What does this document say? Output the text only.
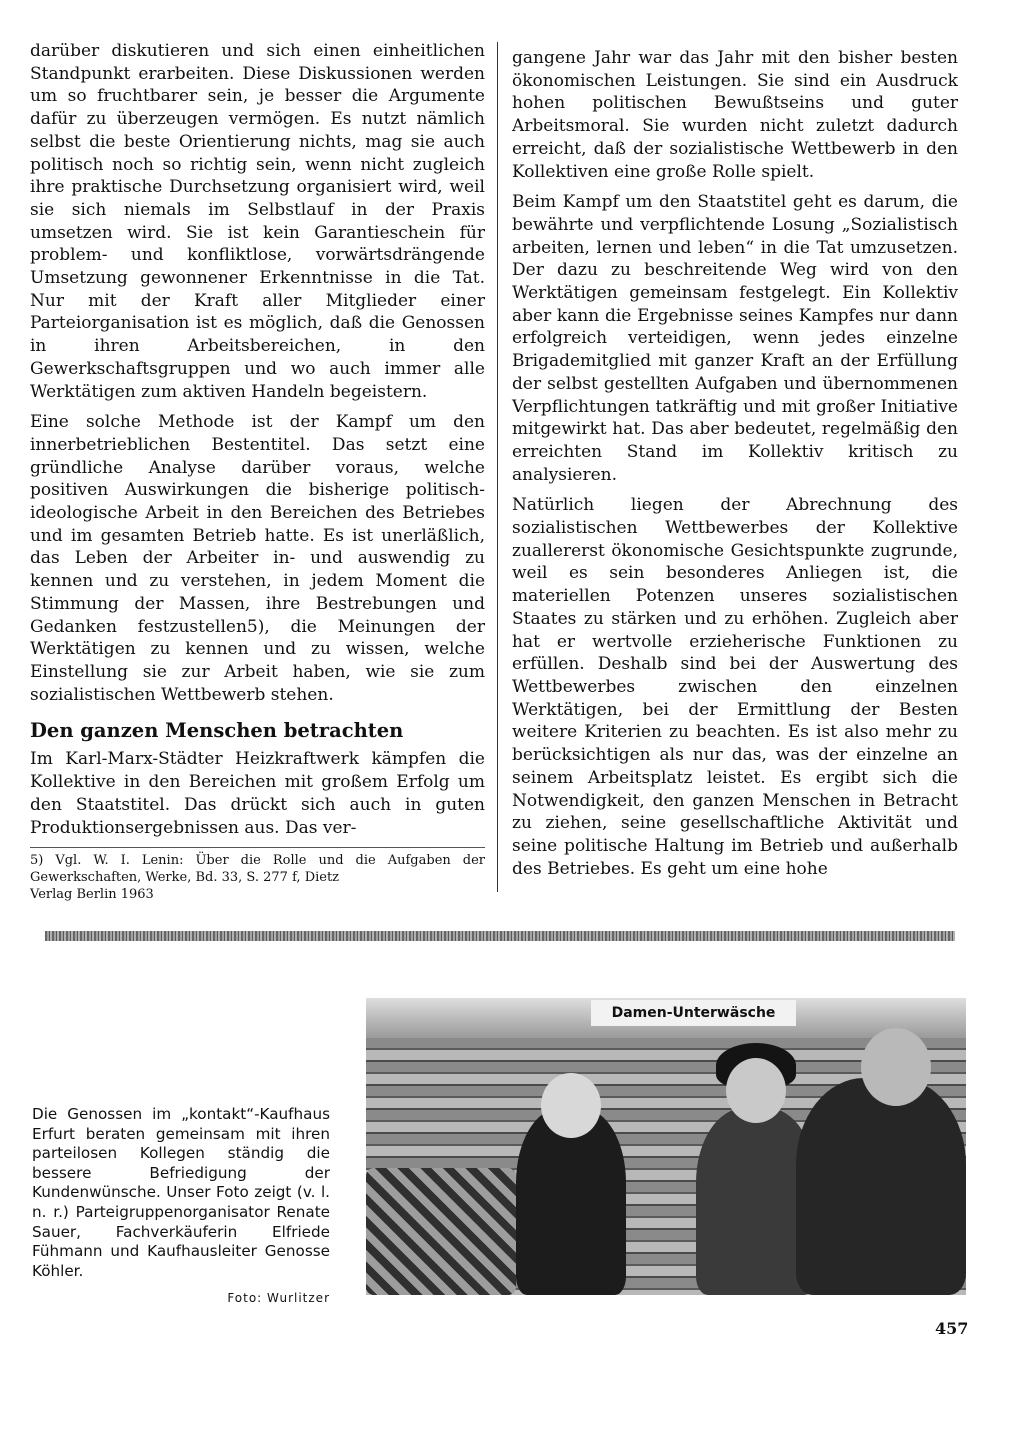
darüber diskutieren und sich einen einheitlichen Standpunkt erarbeiten. Diese Diskussionen werden um so fruchtbarer sein, je besser die Argumente dafür zu überzeugen vermögen. Es nutzt nämlich selbst die beste Orientierung nichts, mag sie auch politisch noch so richtig sein, wenn nicht zugleich ihre praktische Durchsetzung organisiert wird, weil sie sich niemals im Selbstlauf in der Praxis umsetzen wird. Sie ist kein Garantieschein für problem- und konfliktlose, vorwärtsdrängende Umsetzung gewonnener Erkenntnisse in die Tat. Nur mit der Kraft aller Mitglieder einer Parteiorganisation ist es möglich, daß die Genossen in ihren Arbeitsbereichen, in den Gewerkschaftsgruppen und wo auch immer alle Werktätigen zum aktiven Handeln begeistern.

Eine solche Methode ist der Kampf um den innerbetrieblichen Bestentitel. Das setzt eine gründliche Analyse darüber voraus, welche positiven Auswirkungen die bisherige politisch-ideologische Arbeit in den Bereichen des Betriebes und im gesamten Betrieb hatte. Es ist unerläßlich, das Leben der Arbeiter in- und auswendig zu kennen und zu verstehen, in jedem Moment die Stimmung der Massen, ihre Bestrebungen und Gedanken festzustellen5), die Meinungen der Werktätigen zu kennen und zu wissen, welche Einstellung sie zur Arbeit haben, wie sie zum sozialistischen Wettbewerb stehen.

Den ganzen Menschen betrachten

Im Karl-Marx-Städter Heizkraftwerk kämpfen die Kollektive in den Bereichen mit großem Erfolg um den Staatstitel. Das drückt sich auch in guten Produktionsergebnissen aus. Das ver-

5) Vgl. W. I. Lenin: Über die Rolle und die Aufgaben der Gewerkschaften, Werke, Bd. 33, S. 277 f, Dietz
Verlag Berlin 1963

gangene Jahr war das Jahr mit den bisher besten ökonomischen Leistungen. Sie sind ein Ausdruck hohen politischen Bewußtseins und guter Arbeitsmoral. Sie wurden nicht zuletzt dadurch erreicht, daß der sozialistische Wettbewerb in den Kollektiven eine große Rolle spielt.

Beim Kampf um den Staatstitel geht es darum, die bewährte und verpflichtende Losung „Sozialistisch arbeiten, lernen und leben“ in die Tat umzusetzen. Der dazu zu beschreitende Weg wird von den Werktätigen gemeinsam festgelegt. Ein Kollektiv aber kann die Ergebnisse seines Kampfes nur dann erfolgreich verteidigen, wenn jedes einzelne Brigademitglied mit ganzer Kraft an der Erfüllung der selbst gestellten Aufgaben und übernommenen Verpflichtungen tatkräftig und mit großer Initiative mitgewirkt hat. Das aber bedeutet, regelmäßig den erreichten Stand im Kollektiv kritisch zu analysieren.

Natürlich liegen der Abrechnung des sozialistischen Wettbewerbes der Kollektive zuallererst ökonomische Gesichtspunkte zugrunde, weil es sein besonderes Anliegen ist, die materiellen Potenzen unseres sozialistischen Staates zu stärken und zu erhöhen. Zugleich aber hat er wertvolle erzieherische Funktionen zu erfüllen. Deshalb sind bei der Auswertung des Wettbewerbes zwischen den einzelnen Werktätigen, bei der Ermittlung der Besten weitere Kriterien zu beachten. Es ist also mehr zu berücksichtigen als nur das, was der einzelne an seinem Arbeitsplatz leistet. Es ergibt sich die Notwendigkeit, den ganzen Menschen in Betracht zu ziehen, seine gesellschaftliche Aktivität und seine politische Haltung im Betrieb und außerhalb des Betriebes. Es geht um eine hohe

Die Genossen im „kontakt“-Kaufhaus Erfurt beraten gemeinsam mit ihren parteilosen Kollegen ständig die bessere Befriedigung der Kundenwünsche. Unser Foto zeigt (v. l. n. r.) Parteigruppenorganisator Renate Sauer, Fachverkäuferin Elfriede Fühmann und Kaufhausleiter Genosse Köhler.
Foto: Wurlitzer
Damen-Unterwäsche
457
